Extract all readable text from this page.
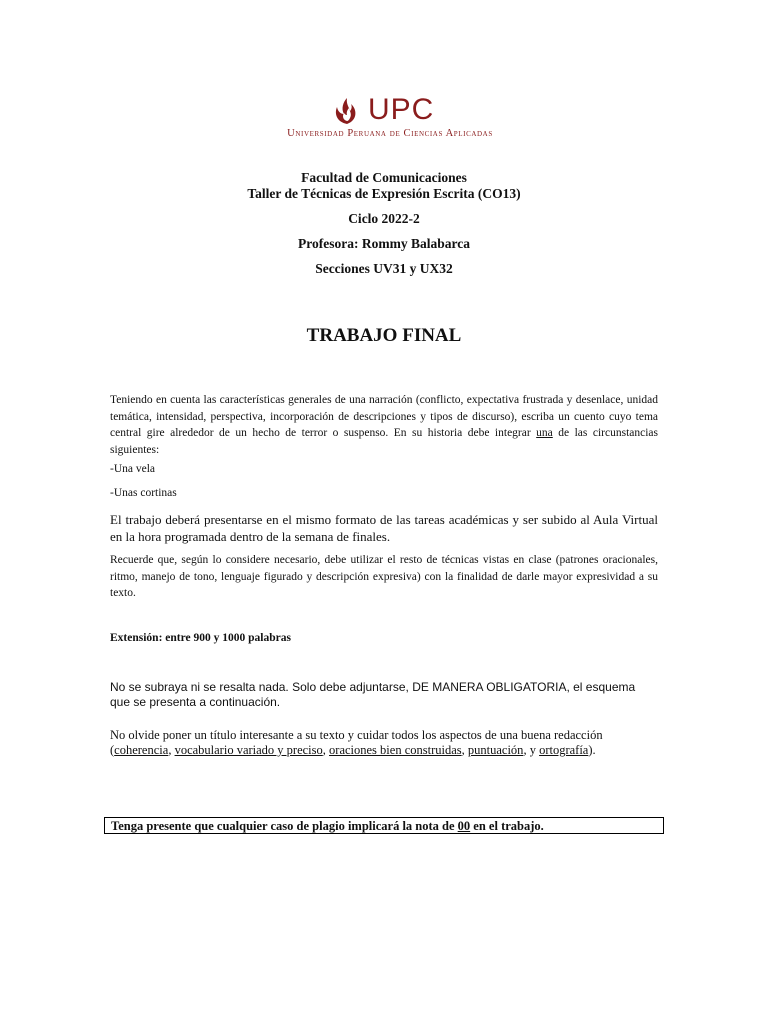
UPC
Universidad Peruana de Ciencias Aplicadas
Facultad de Comunicaciones
Taller de Técnicas de Expresión Escrita (CO13)
Ciclo 2022-2
Profesora: Rommy Balabarca
Secciones UV31 y UX32
TRABAJO FINAL

Teniendo en cuenta las características generales de una narración (conflicto, expectativa frustrada y desenlace, unidad temática, intensidad, perspectiva, incorporación de descripciones y tipos de discurso), escriba un cuento cuyo tema central gire alrededor de un hecho de terror o suspenso. En su historia debe integrar una de las circunstancias siguientes:

-Una vela
-Unas cortinas

El trabajo deberá presentarse en el mismo formato de las tareas académicas y ser subido al Aula Virtual en la hora programada dentro de la semana de finales.

Recuerde que, según lo considere necesario, debe utilizar el resto de técnicas vistas en clase (patrones oracionales, ritmo, manejo de tono, lenguaje figurado y descripción expresiva) con la finalidad de darle mayor expresividad a su texto.

Extensión: entre 900 y 1000 palabras

No se subraya ni se resalta nada. Solo debe adjuntarse, DE MANERA OBLIGATORIA, el esquema que se presenta a continuación.

No olvide poner un título interesante a su texto y cuidar todos los aspectos de una buena redacción (coherencia, vocabulario variado y preciso, oraciones bien construidas, puntuación, y ortografía).

Tenga presente que cualquier caso de plagio implicará la nota de 00 en el trabajo.
